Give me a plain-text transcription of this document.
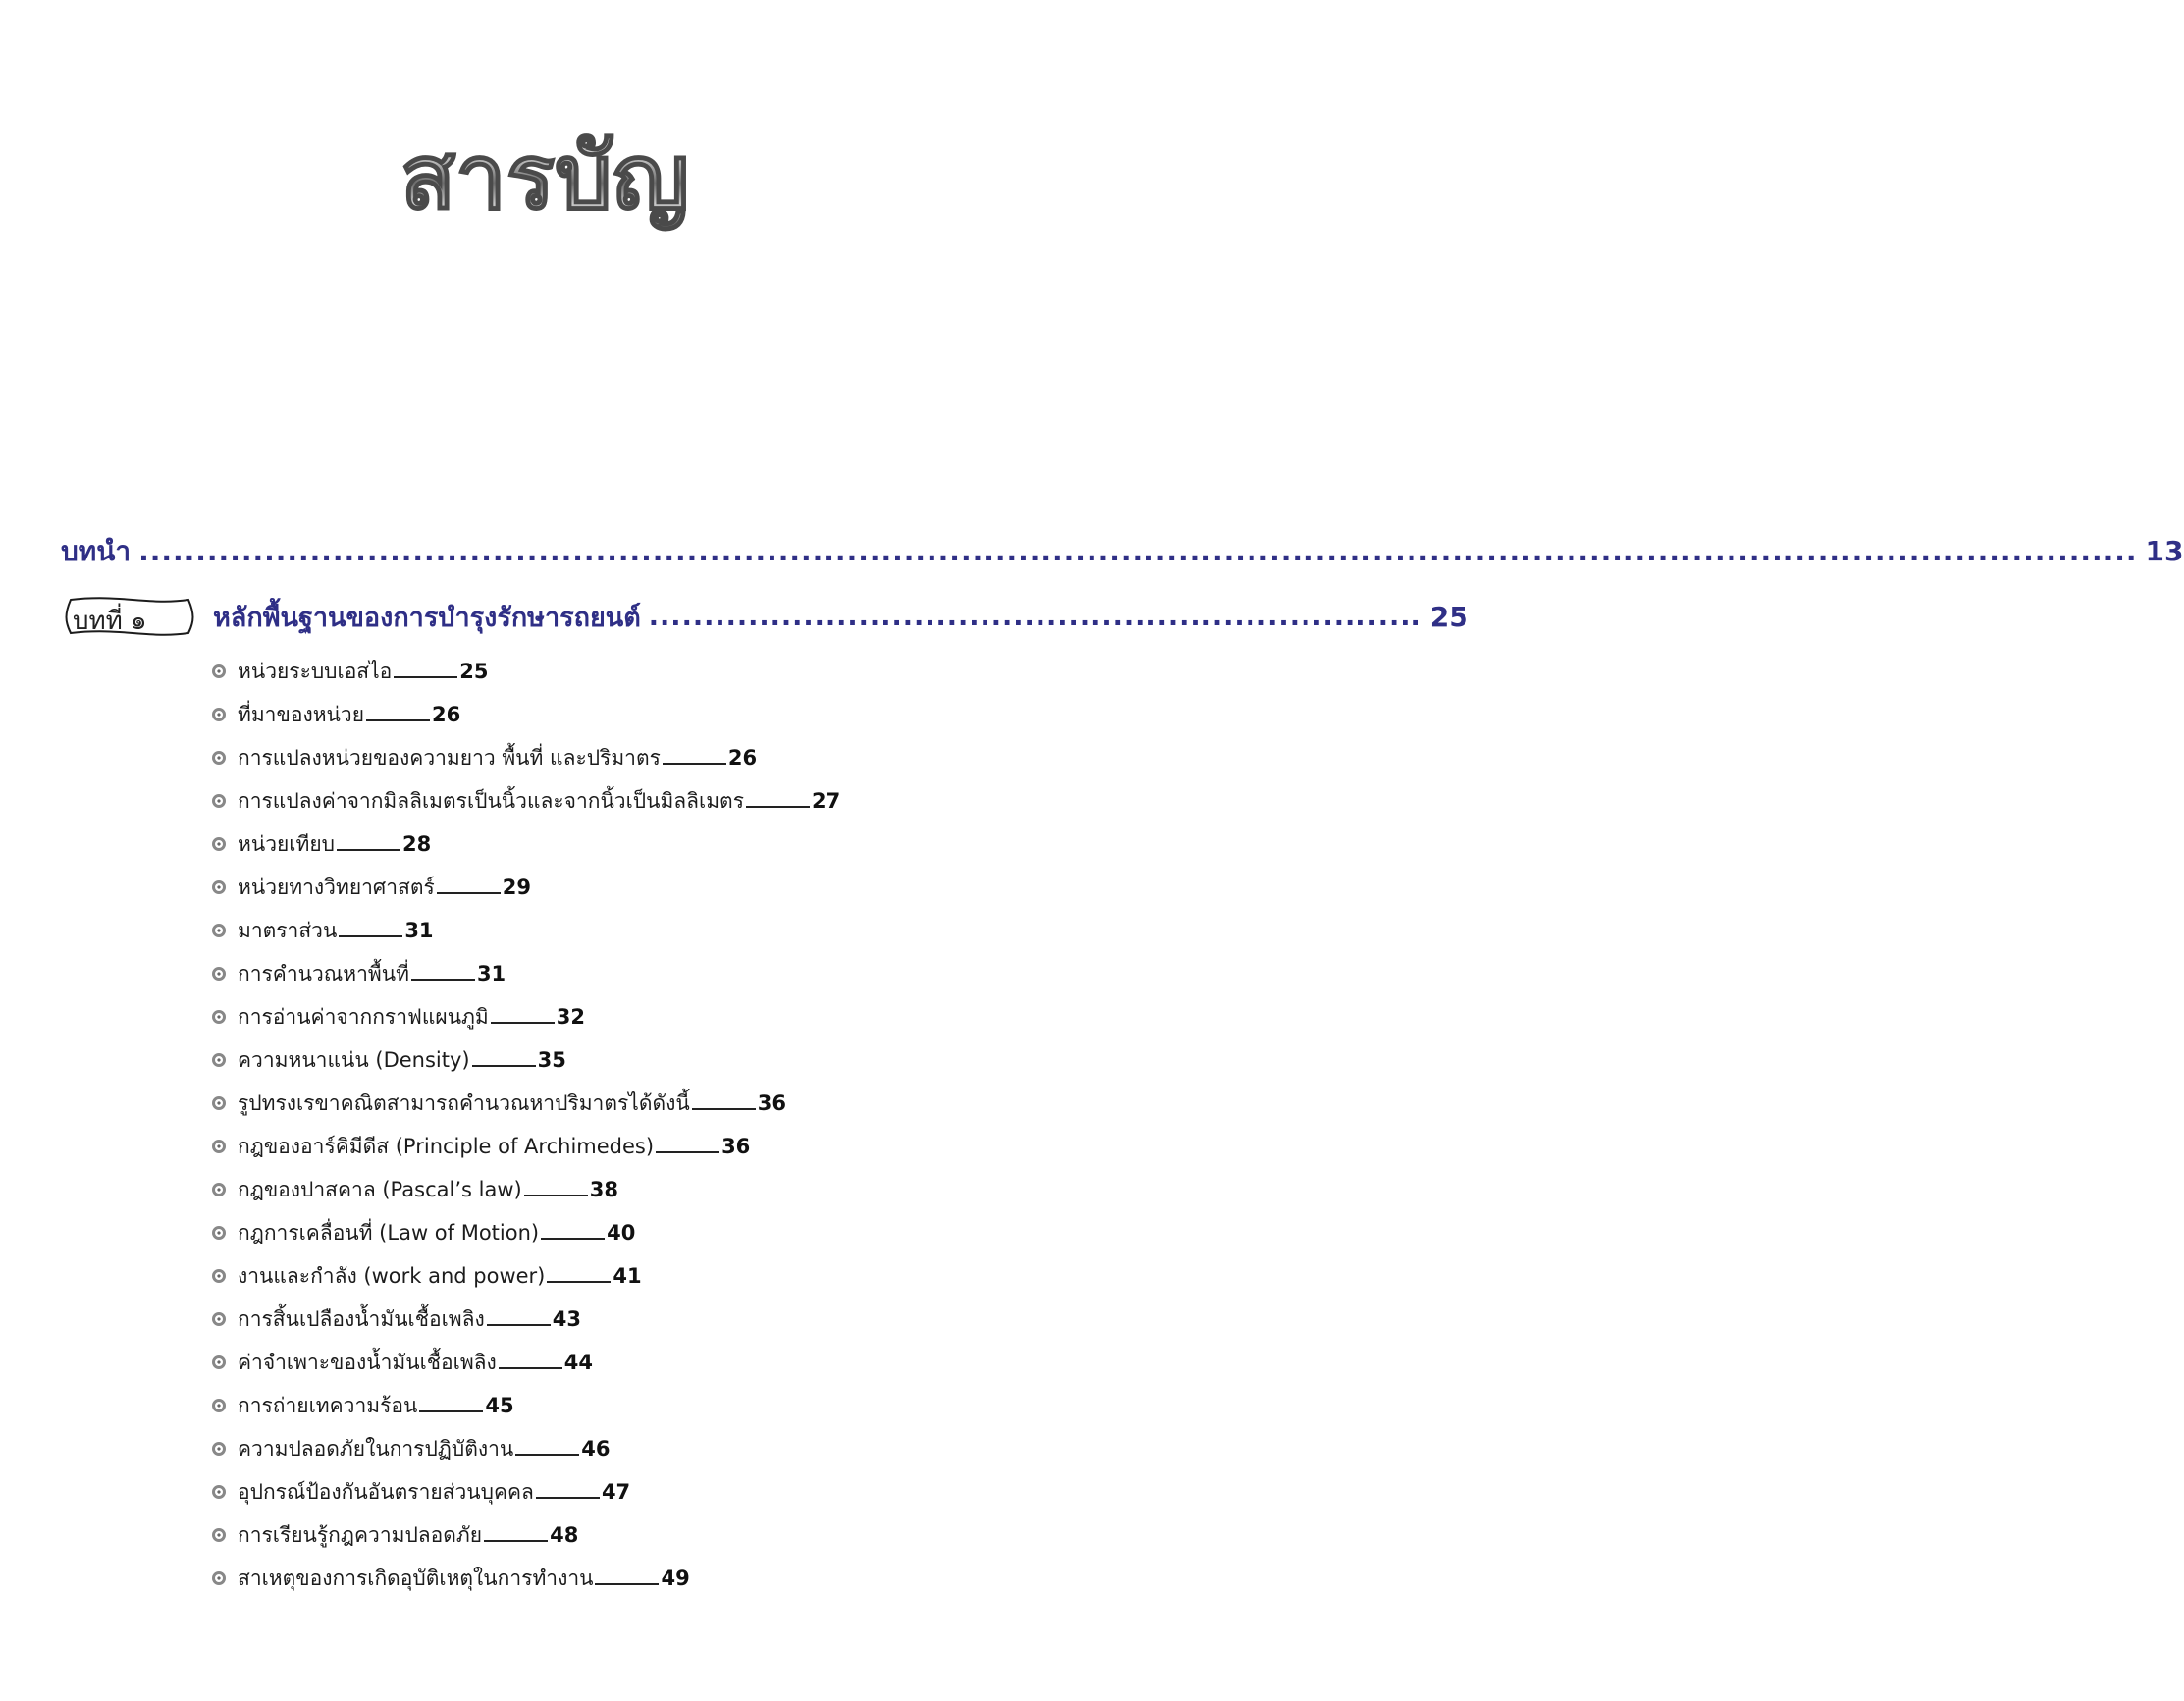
สารบัญ
บทนำ ............................................................................................................................................................................... 13
บทที่ ๑ หลักพื้นฐานของการบำรุงรักษารถยนต์ ...................................................................... 25
หน่วยระบบเอสไอ	25
ที่มาของหน่วย	26
การแปลงหน่วยของความยาว พื้นที่ และปริมาตร	26
การแปลงค่าจากมิลลิเมตรเป็นนิ้วและจากนิ้วเป็นมิลลิเมตร	27
หน่วยเทียบ	28
หน่วยทางวิทยาศาสตร์	29
มาตราส่วน	31
การคำนวณหาพื้นที่	31
การอ่านค่าจากกราฟแผนภูมิ	32
ความหนาแน่น (Density)	35
รูปทรงเรขาคณิตสามารถคำนวณหาปริมาตรได้ดังนี้	36
กฎของอาร์คิมีดีส (Principle of Archimedes)	36
กฎของปาสคาล (Pascal’s law)	38
กฎการเคลื่อนที่ (Law of Motion)	40
งานและกำลัง (work and power)	41
การสิ้นเปลืองน้ำมันเชื้อเพลิง	43
ค่าจำเพาะของน้ำมันเชื้อเพลิง	44
การถ่ายเทความร้อน	45
ความปลอดภัยในการปฏิบัติงาน	46
อุปกรณ์ป้องกันอันตรายส่วนบุคคล	47
การเรียนรู้กฎความปลอดภัย	48
สาเหตุของการเกิดอุบัติเหตุในการทำงาน	49
